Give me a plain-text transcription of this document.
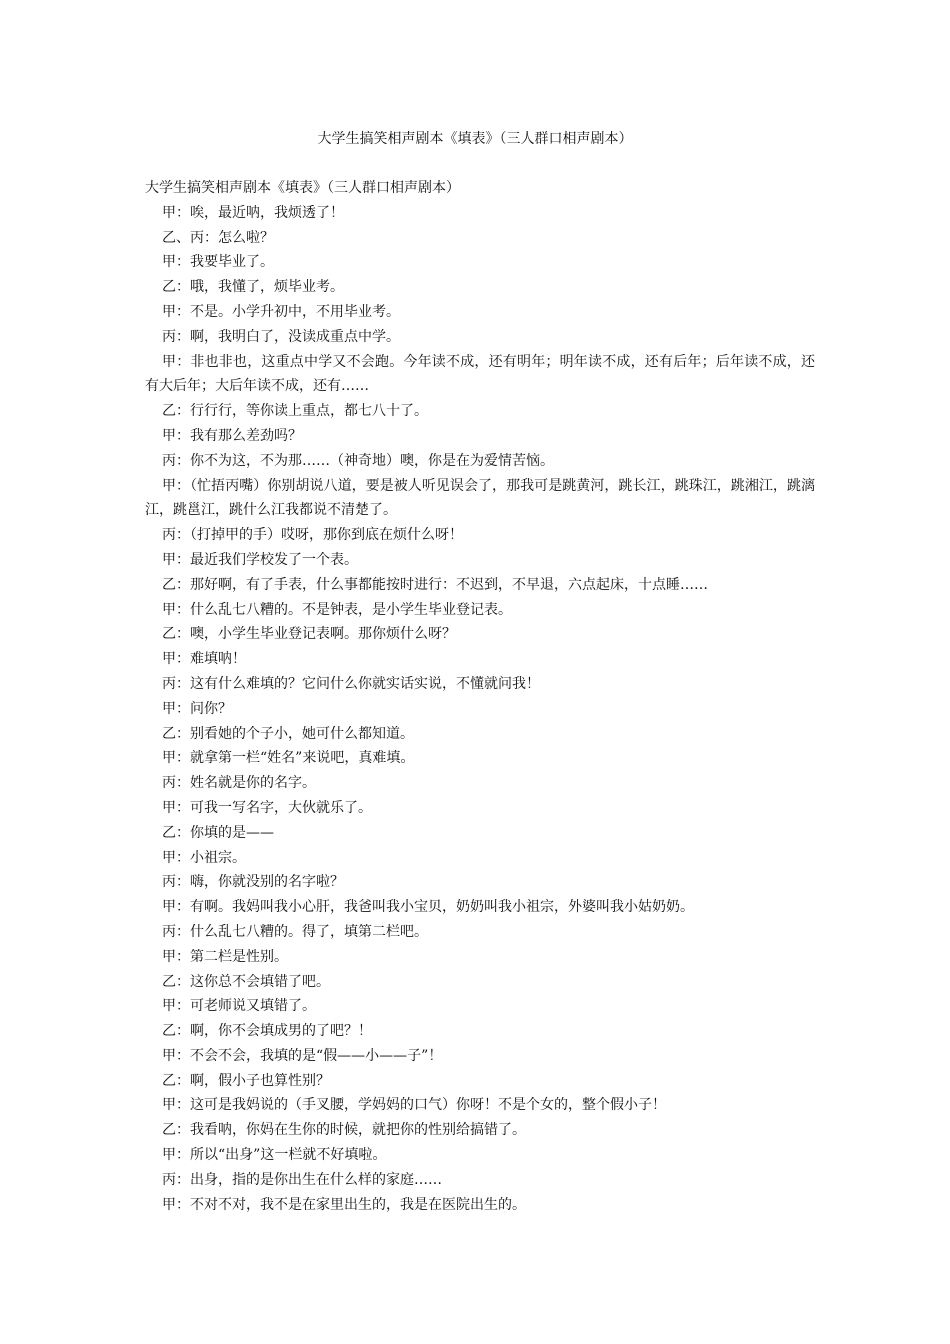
大学生搞笑相声剧本《填表》（三人群口相声剧本）

大学生搞笑相声剧本《填表》（三人群口相声剧本）

甲：唉，最近呐，我烦透了！

乙、丙：怎么啦？

甲：我要毕业了。

乙：哦，我懂了，烦毕业考。

甲：不是。小学升初中，不用毕业考。

丙：啊，我明白了，没读成重点中学。

甲：非也非也，这重点中学又不会跑。今年读不成，还有明年；明年读不成，还有后年；后年读不成，还有大后年；大后年读不成，还有……

乙：行行行，等你读上重点，都七八十了。

甲：我有那么差劲吗？

丙：你不为这，不为那……（神奇地）噢，你是在为爱情苦恼。

甲：（忙捂丙嘴）你别胡说八道，要是被人听见误会了，那我可是跳黄河，跳长江，跳珠江，跳湘江，跳漓江，跳邕江，跳什么江我都说不清楚了。

丙：（打掉甲的手）哎呀，那你到底在烦什么呀！

甲：最近我们学校发了一个表。

乙：那好啊，有了手表，什么事都能按时进行：不迟到，不早退，六点起床，十点睡……

甲：什么乱七八糟的。不是钟表，是小学生毕业登记表。

乙：噢，小学生毕业登记表啊。那你烦什么呀？

甲：难填呐！

丙：这有什么难填的？它问什么你就实话实说，不懂就问我！

甲：问你？

乙：别看她的个子小，她可什么都知道。

甲：就拿第一栏“姓名”来说吧，真难填。

丙：姓名就是你的名字。

甲：可我一写名字，大伙就乐了。

乙：你填的是——

甲：小祖宗。

丙：嗨，你就没别的名字啦？

甲：有啊。我妈叫我小心肝，我爸叫我小宝贝，奶奶叫我小祖宗，外婆叫我小姑奶奶。

丙：什么乱七八糟的。得了，填第二栏吧。

甲：第二栏是性别。

乙：这你总不会填错了吧。

甲：可老师说又填错了。

乙：啊，你不会填成男的了吧？！

甲：不会不会，我填的是“假——小——子”！

乙：啊，假小子也算性别？

甲：这可是我妈说的（手叉腰，学妈妈的口气）你呀！不是个女的，整个假小子！

乙：我看呐，你妈在生你的时候，就把你的性别给搞错了。

甲：所以“出身”这一栏就不好填啦。

丙：出身，指的是你出生在什么样的家庭……

甲：不对不对，我不是在家里出生的，我是在医院出生的。
